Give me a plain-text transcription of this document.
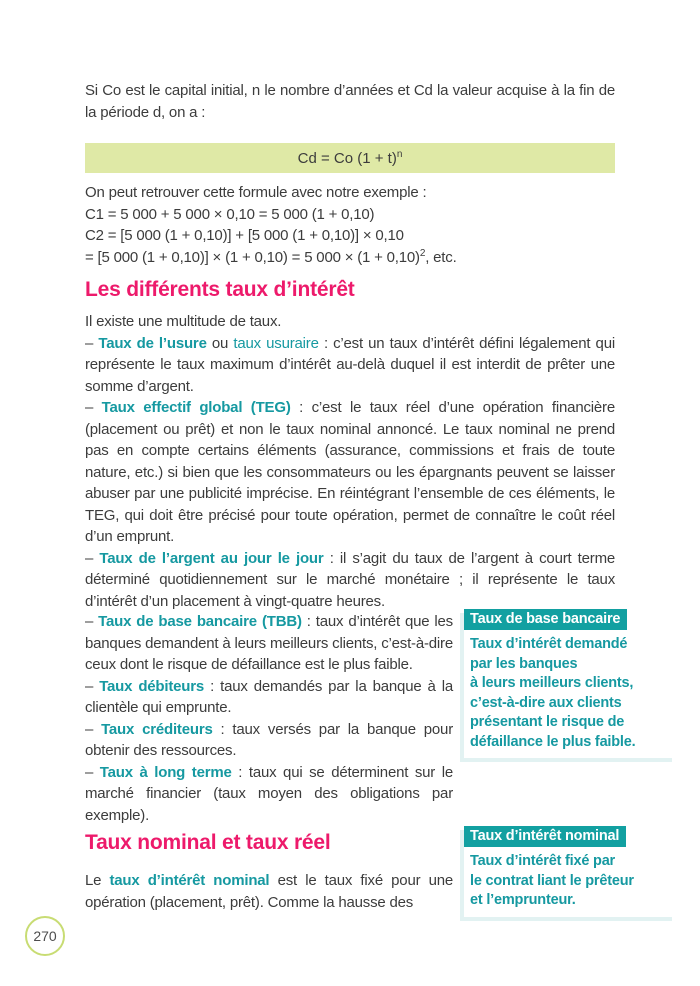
Si Co est le capital initial, n le nombre d’années et Cd la valeur acquise à la fin de la période d, on a :

Cd = Co $(1 + t)^n$
On peut retrouver cette formule avec notre exemple :
C1 = 5 000 + 5 000 × 0,10 = 5 000 (1 + 0,10)
C2 = [5 000 (1 + 0,10)] + [5 000 (1 + 0,10)] × 0,10
= [5 000 (1 + 0,10)] × (1 + 0,10) = 5 $000 \times (1 + 0,10)^2$, etc.
Les différents taux d’intérêt

Il existe une multitude de taux.

– Taux de l’usure ou taux usuraire : c’est un taux d’intérêt défini légalement qui représente le taux maximum d’intérêt au-delà duquel il est interdit de prêter une somme d’argent.

– Taux effectif global (TEG) : c’est le taux réel d’une opération financière (placement ou prêt) et non le taux nominal annoncé. Le taux nominal ne prend pas en compte certains éléments (assurance, commissions et frais de toute nature, etc.) si bien que les consommateurs ou les épargnants peuvent se laisser abuser par une publicité imprécise. En réintégrant l’ensemble de ces éléments, le TEG, qui doit être précisé pour toute opération, permet de connaître le coût réel d’un emprunt.

– Taux de l’argent au jour le jour : il s’agit du taux de l’argent à court terme déterminé quotidiennement sur le marché monétaire ; il représente le taux d’intérêt d’un placement à vingt-quatre heures.

– Taux de base bancaire (TBB) : taux d’intérêt que les banques demandent à leurs meilleurs clients, c’est-à-dire ceux dont le risque de défaillance est le plus faible.

– Taux débiteurs : taux demandés par la banque à la clientèle qui emprunte.

– Taux créditeurs : taux versés par la banque pour obtenir des ressources.

– Taux à long terme : taux qui se déterminent sur le marché financier (taux moyen des obligations par exemple).

Taux de base bancaire
Taux d’intérêt demandé
par les banques
à leurs meilleurs clients,
c’est-à-dire aux clients
présentant le risque de
défaillance le plus faible.
Taux nominal et taux réel

Le taux d’intérêt nominal est le taux fixé pour une opération (placement, prêt). Comme la hausse des

Taux d’intérêt nominal
Taux d’intérêt fixé par
le contrat liant le prêteur
et l’emprunteur.
270
